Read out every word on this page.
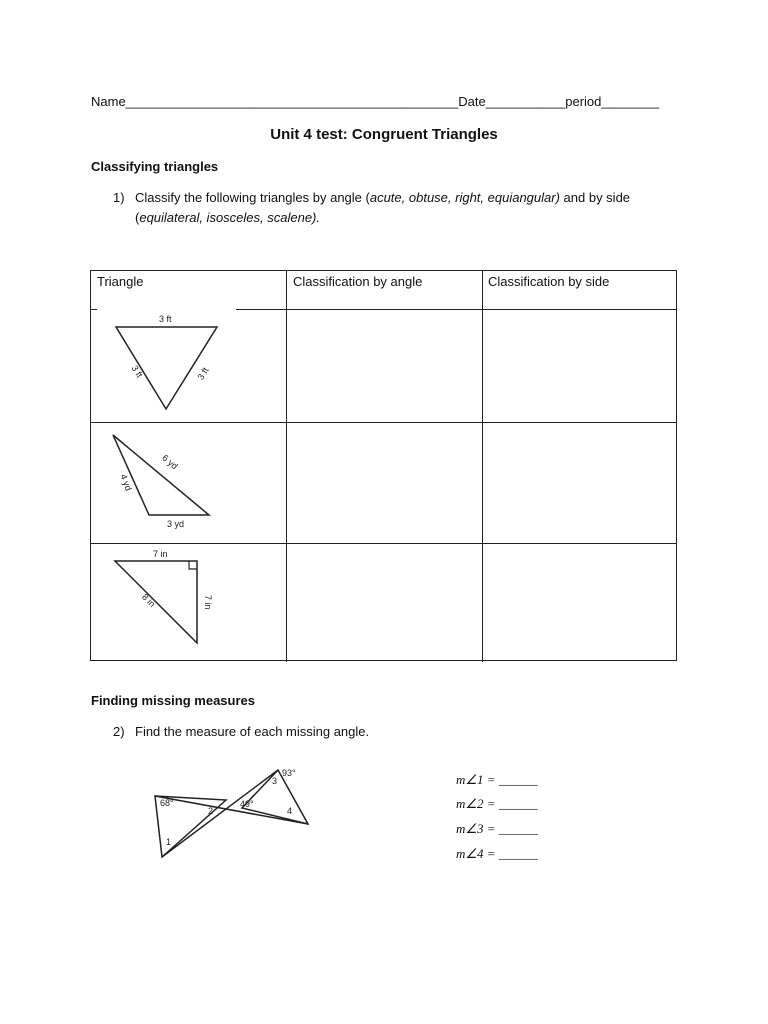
Name______________________________________________Date___________period________
Unit 4 test: Congruent Triangles
Classifying triangles
1) Classify the following triangles by angle (acute, obtuse, right, equiangular) and by side
(equilateral, isosceles, scalene).
Triangle	Classification by angle	Classification by side
3 ft
3 ft	3 ft
6 yd
4 yd
3 yd
7 in
7 in
8 in
Finding missing measures
2) Find the measure of each missing angle.
68°
93°
49°
1
2
3
4
m∠1 = ______
m∠2 = ______
m∠3 = ______
m∠4 = ______
